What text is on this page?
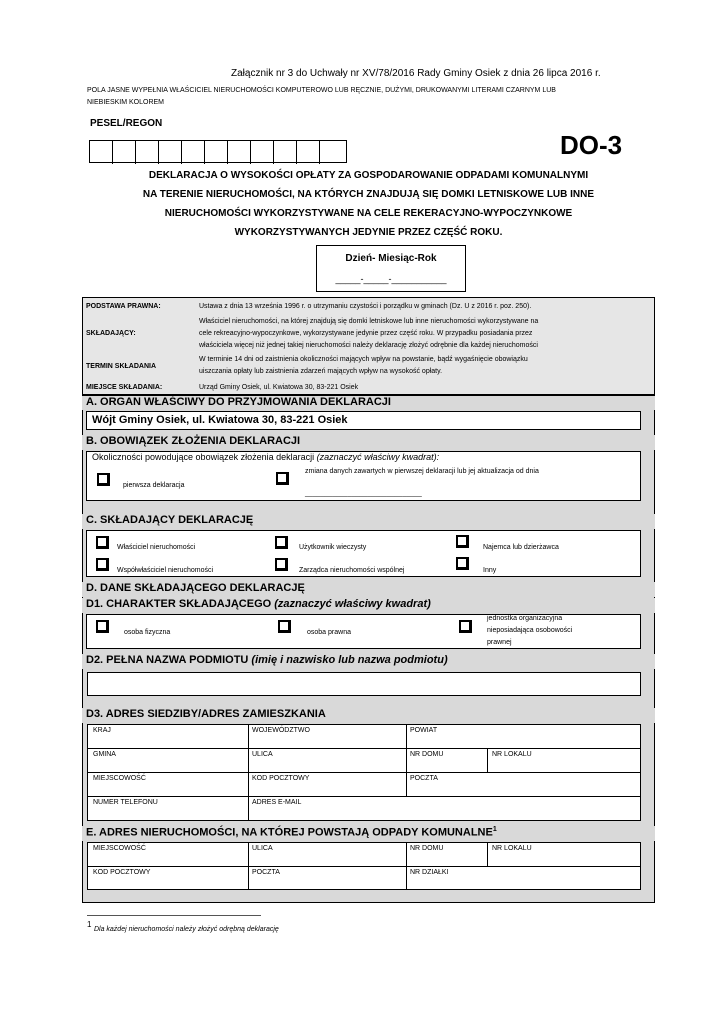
Załącznik nr 3 do Uchwały nr XV/78/2016 Rady Gminy Osiek z dnia 26 lipca 2016 r.
POLA JASNE WYPEŁNIA WŁAŚCICIEL NIERUCHOMOŚCI KOMPUTEROWO LUB RĘCZNIE, DUŻYMI, DRUKOWANYMI LITERAMI CZARNYM LUB
NIEBIESKIM KOLOREM
PESEL/REGON
DO-3
DEKLARACJA O WYSOKOŚCI OPŁATY ZA GOSPODAROWANIE ODPADAMI KOMUNALNYMI
NA TERENIE NIERUCHOMOŚCI, NA KTÓRYCH ZNAJDUJĄ SIĘ DOMKI LETNISKOWE LUB INNE
NIERUCHOMOŚCI WYKORZYSTYWANE NA CELE REKERACYJNO-WYPOCZYNKOWE
WYKORZYSTYWANYCH JEDYNIE PRZEZ CZĘŚĆ ROKU.
Dzień- Miesiąc-Rok
_____-_____-___________
PODSTAWA PRAWNA:	Ustawa z dnia 13 września 1996 r. o utrzymaniu czystości i porządku w gminach (Dz. U z 2016 r. poz. 250).
SKŁADAJĄCY:
Właściciel nieruchomości, na której znajdują się domki letniskowe lub inne nieruchomości wykorzystywane na
cele rekreacyjno-wypoczynkowe, wykorzystywane jedynie przez część roku. W przypadku posiadania przez
właściciela więcej niż jednej takiej nieruchomości należy deklarację złożyć odrębnie dla każdej nieruchomości
TERMIN SKŁADANIA
W terminie 14 dni od zaistnienia okoliczności mających wpływ na powstanie, bądź wygaśnięcie obowiązku
uiszczania opłaty lub zaistnienia zdarzeń mających wpływ na wysokość opłaty.
MIEJSCE SKŁADANIA:	Urząd Gminy Osiek, ul. Kwiatowa 30, 83-221 Osiek
A. ORGAN WŁAŚCIWY DO PRZYJMOWANIA DEKLARACJI
Wójt Gminy Osiek, ul. Kwiatowa 30, 83-221 Osiek
B. OBOWIĄZEK ZŁOŻENIA DEKLARACJI
Okoliczności powodujące obowiązek złożenia deklaracji (zaznaczyć właściwy kwadrat):
pierwsza deklaracja
zmiana danych zawartych w pierwszej deklaracji lub jej aktualizacja od dnia
______________________________
C. SKŁADAJĄCY DEKLARACJĘ
Właściciel nieruchomości	Użytkownik wieczysty	Najemca lub dzierżawca
Współwłaściciel nieruchomości	Zarządca nieruchomości wspólnej	Inny
D. DANE SKŁADAJĄCEGO DEKLARACJĘ
D1. CHARAKTER SKŁADAJĄCEGO (zaznaczyć właściwy kwadrat)
osoba fizyczna	osoba prawna
jednostka organizacyjna
nieposiadająca osobowości
prawnej
D2. PEŁNA NAZWA PODMIOTU (imię i nazwisko lub nazwa podmiotu)
D3. ADRES SIEDZIBY/ADRES ZAMIESZKANIA
KRAJ	WOJEWÓDZTWO	POWIAT
GMINA	ULICA	NR DOMU	NR LOKALU
MIEJSCOWOŚĆ	KOD POCZTOWY	POCZTA
NUMER TELEFONU	ADRES E-MAIL
E. ADRES NIERUCHOMOŚCI, NA KTÓREJ POWSTAJĄ ODPADY KOMUNALNE$^1$
MIEJSCOWOŚĆ	ULICA	NR DOMU	NR LOKALU
KOD POCZTOWY	POCZTA	NR DZIAŁKI
$^1$ Dla każdej nieruchomości należy złożyć odrębną deklarację
